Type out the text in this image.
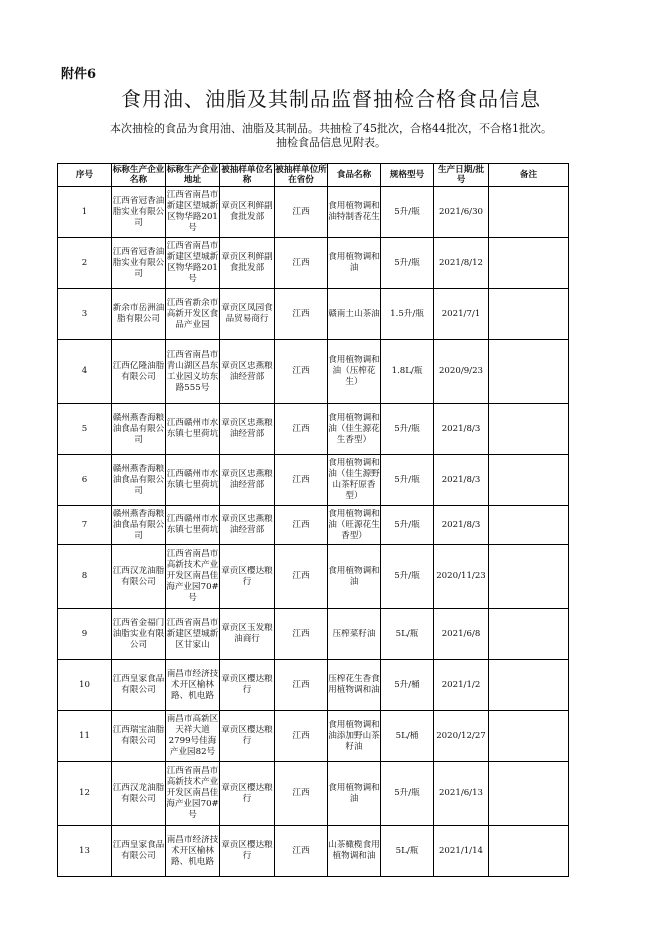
附件6
食用油、油脂及其制品监督抽检合格食品信息
本次抽检的食品为食用油、油脂及其制品。共抽检了45批次，合格44批次，不合格1批次。
抽检食品信息见附表。
序号	标称生产企业名称	标称生产企业地址	被抽样单位名称	被抽样单位所在省份	食品名称	规格型号	生产日期/批号	备注

1	江西省冠香油脂实业有限公司	江西省南昌市新建区望城新区物华路201号	章贡区利鲜副食批发部	江西	食用植物调和油特制香花生	5升/瓶	2021/6/30	

2	江西省冠香油脂实业有限公司	江西省南昌市新建区望城新区物华路201号	章贡区利鲜副食批发部	江西	食用植物调和油	5升/瓶	2021/8/12	

3	新余市岳洲油脂有限公司	江西省新余市高新开发区食品产业园	章贡区凤园食品贸易商行	江西	赣南土山茶油	1.5升/瓶	2021/7/1	

4	江西亿隆油脂有限公司	江西省南昌市青山湖区昌东工业园义坊东路555号	章贡区忠燕粮油经营部	江西	食用植物调和油（压榨花生）	1.8L/瓶	2020/9/23	

5	赣州燕香海粮油食品有限公司	江西赣州市水东镇七里荷坑	章贡区忠燕粮油经营部	江西	食用植物调和油（佳生源花生香型）	5升/瓶	2021/8/3	

6	赣州燕香海粮油食品有限公司	江西赣州市水东镇七里荷坑	章贡区忠燕粮油经营部	江西	食用植物调和油（佳生源野山茶籽原香型）	5升/瓶	2021/8/3	

7	赣州燕香海粮油食品有限公司	江西赣州市水东镇七里荷坑	章贡区忠燕粮油经营部	江西	食用植物调和油（旺源花生香型）	5升/瓶	2021/8/3	

8	江西汉龙油脂有限公司	江西省南昌市高新技术产业开发区南昌佳海产业园70#号	章贡区樱达粮行	江西	食用植物调和油	5升/瓶	2020/11/23	

9	江西省金福门油脂实业有限公司	江西省南昌市新建区望城新区甘家山	章贡区玉发粮油商行	江西	压榨菜籽油	5L/瓶	2021/6/8	

10	江西皇家食品有限公司	南昌市经济技术开区榆林路、机电路	章贡区樱达粮行	江西	压榨花生香食用植物调和油	5升/桶	2021/1/2	

11	江西瑞宝油脂有限公司	南昌市高新区天祥大道2799号佳海产业园82号	章贡区樱达粮行	江西	食用植物调和油添加野山茶籽油	5L/桶	2020/12/27	

12	江西汉龙油脂有限公司	江西省南昌市高新技术产业开发区南昌佳海产业园70#号	章贡区樱达粮行	江西	食用植物调和油	5升/瓶	2021/6/13	

13	江西皇家食品有限公司	南昌市经济技术开区榆林路、机电路	章贡区樱达粮行	江西	山茶橄榄食用植物调和油	5L/瓶	2021/1/14	
